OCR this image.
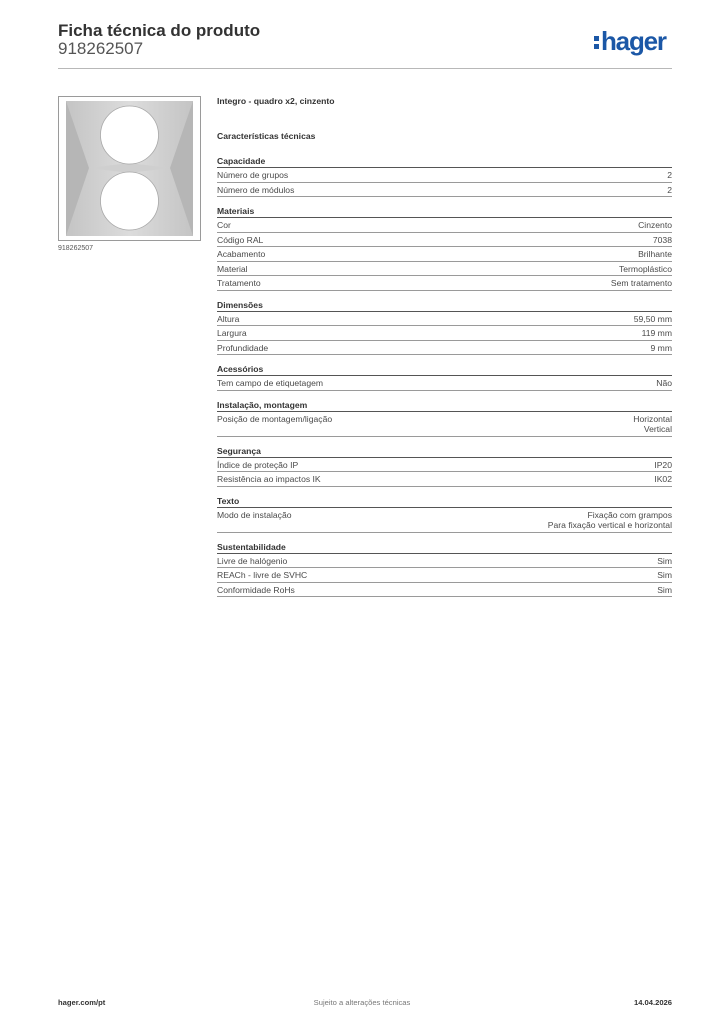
Ficha técnica do produto
918262507	hager
918262507
Integro - quadro x2, cinzento
Características técnicas
Capacidade
Número de grupos	2
Número de módulos	2
Materiais
Cor	Cinzento
Código RAL	7038
Acabamento	Brilhante
Material	Termoplástico
Tratamento	Sem tratamento
Dimensões
Altura	59,50 mm
Largura	119 mm
Profundidade	9 mm
Acessórios
Tem campo de etiquetagem	Não
Instalação, montagem
Posição de montagem/ligação	Horizontal
Vertical
Segurança
Índice de proteção IP	IP20
Resistência ao impactos IK	IK02
Texto
Modo de instalação	Fixação com grampos
Para fixação vertical e horizontal
Sustentabilidade
Livre de halógenio	Sim
REACh - livre de SVHC	Sim
Conformidade RoHs	Sim
hager.com/pt	Sujeito a alterações técnicas	14.04.2026
